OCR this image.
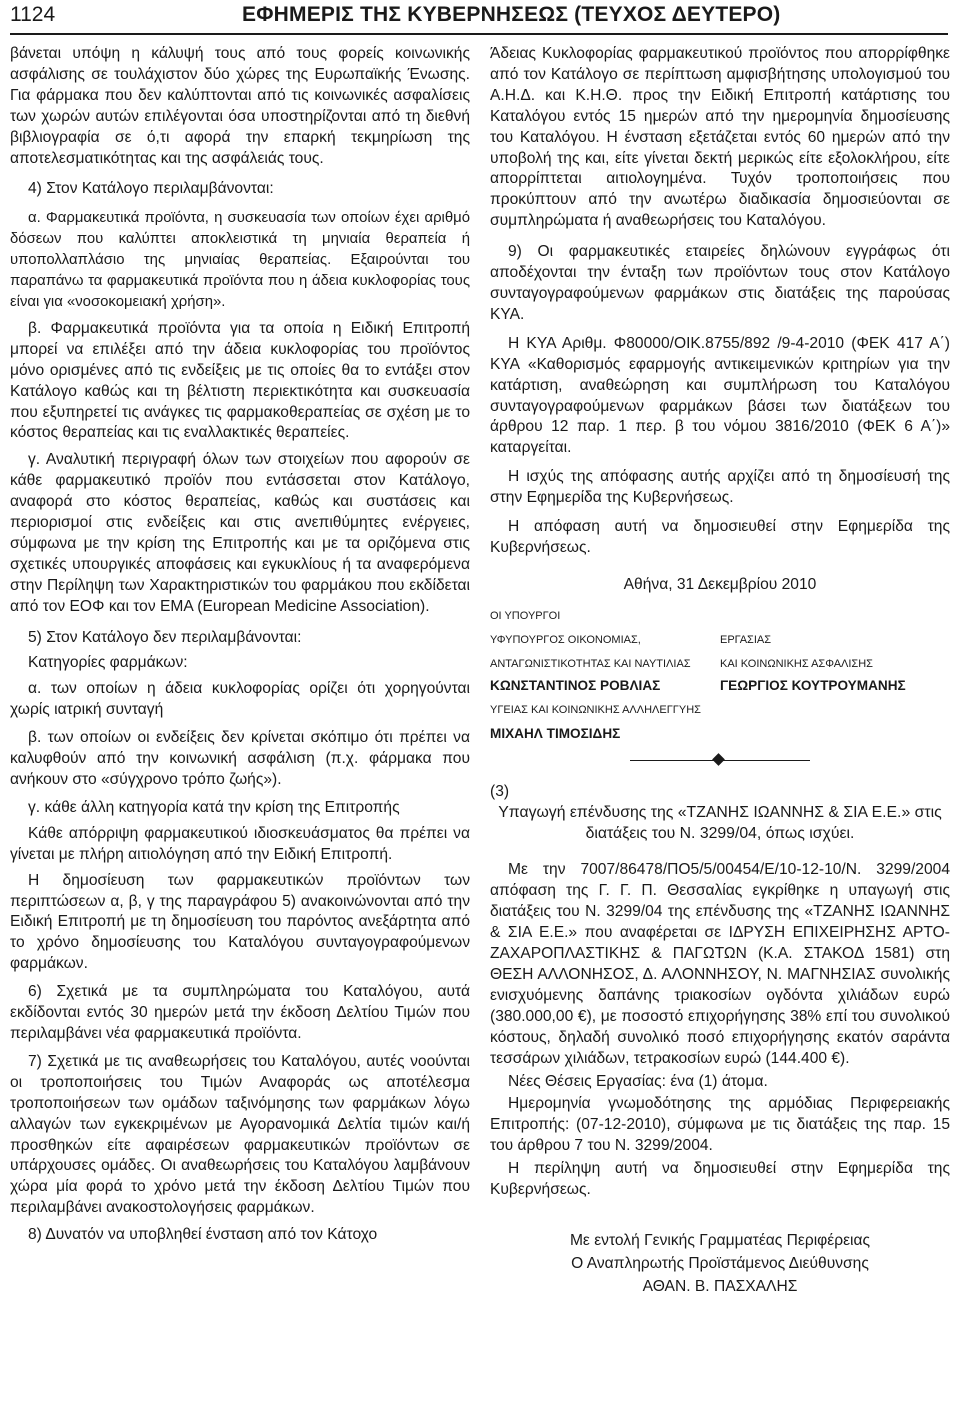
1124	ΕΦΗΜΕΡΙΣ ΤΗΣ ΚΥΒΕΡΝΗΣΕΩΣ (ΤΕΥΧΟΣ ΔΕΥΤΕΡΟ)

βάνεται υπόψη η κάλυψή τους από τους φορείς κοινωνικής ασφάλισης σε τουλάχιστον δύο χώρες της Ευρωπαϊκής Ένωσης. Για φάρμακα που δεν καλύπτονται από τις κοινωνικές ασφαλίσεις των χωρών αυτών επιλέγονται όσα υποστηρίζονται από τη διεθνή βιβλιογραφία σε ό,τι αφορά την επαρκή τεκμηρίωση της αποτελεσματικότητας και της ασφάλειάς τους.

4) Στον Κατάλογο περιλαμβάνονται:

α. Φαρμακευτικά προϊόντα, η συσκευασία των οποίων έχει αριθμό δόσεων που καλύπτει αποκλειστικά τη μηνιαία θεραπεία ή υποπολλαπλάσιο της μηνιαίας θεραπείας. Εξαιρούνται του παραπάνω τα φαρμακευτικά προϊόντα που η άδεια κυκλοφορίας τους είναι για «νοσοκομειακή χρήση».

β. Φαρμακευτικά προϊόντα για τα οποία η Ειδική Επιτροπή μπορεί να επιλέξει από την άδεια κυκλοφορίας του προϊόντος μόνο ορισμένες από τις ενδείξεις με τις οποίες θα το εντάξει στον Κατάλογο καθώς και τη βέλτιστη περιεκτικότητα και συσκευασία που εξυπηρετεί τις ανάγκες τις φαρμακοθεραπείας σε σχέση με το κόστος θεραπείας και τις εναλλακτικές θεραπείες.

γ. Αναλυτική περιγραφή όλων των στοιχείων που αφορούν σε κάθε φαρμακευτικό προϊόν που εντάσσεται στον Κατάλογο, αναφορά στο κόστος θεραπείας, καθώς και συστάσεις και περιορισμοί στις ενδείξεις και στις ανεπιθύμητες ενέργειες, σύμφωνα με την κρίση της Επιτροπής και με τα οριζόμενα στις σχετικές υπουργικές αποφάσεις και εγκυκλίους ή τα αναφερόμενα στην Περίληψη των Χαρακτηριστικών του φαρμάκου που εκδίδεται από τον ΕΟΦ και τον ΕΜΑ (European Medicine Association).

5) Στον Κατάλογο δεν περιλαμβάνονται:

Κατηγορίες φαρμάκων:

α. των οποίων η άδεια κυκλοφορίας ορίζει ότι χορηγούνται χωρίς ιατρική συνταγή

β. των οποίων οι ενδείξεις δεν κρίνεται σκόπιμο ότι πρέπει να καλυφθούν από την κοινωνική ασφάλιση (π.χ. φάρμακα που ανήκουν στο «σύγχρονο τρόπο ζωής»).

γ. κάθε άλλη κατηγορία κατά την κρίση της Επιτροπής

Κάθε απόρριψη φαρμακευτικού ιδιοσκευάσματος θα πρέπει να γίνεται με πλήρη αιτιολόγηση από την Ειδική Επιτροπή.

Η δημοσίευση των φαρμακευτικών προϊόντων των περιπτώσεων α, β, γ της παραγράφου 5) ανακοινώνονται από την Ειδική Επιτροπή με τη δημοσίευση του παρόντος ανεξάρτητα από το χρόνο δημοσίευσης του Καταλόγου συνταγογραφούμενων φαρμάκων.

6) Σχετικά με τα συμπληρώματα του Καταλόγου, αυτά εκδίδονται εντός 30 ημερών μετά την έκδοση Δελτίου Τιμών που περιλαμβάνει νέα φαρμακευτικά προϊόντα.

7) Σχετικά με τις αναθεωρήσεις του Καταλόγου, αυτές νοούνται οι τροποποιήσεις του Τιμών Αναφοράς ως αποτέλεσμα τροποποιήσεων των ομάδων ταξινόμησης των φαρμάκων λόγω αλλαγών των εγκεκριμένων με Αγορανομικά Δελτία τιμών και/ή προσθηκών είτε αφαιρέσεων φαρμακευτικών προϊόντων σε υπάρχουσες ομάδες. Οι αναθεωρήσεις του Καταλόγου λαμβάνουν χώρα μία φορά το χρόνο μετά την έκδοση Δελτίου Τιμών που περιλαμβάνει ανακοστολογήσεις φαρμάκων.

8) Δυνατόν να υποβληθεί ένσταση από τον Κάτοχο

Άδειας Κυκλοφορίας φαρμακευτικού προϊόντος που απορρίφθηκε από τον Κατάλογο σε περίπτωση αμφισβήτησης υπολογισμού του Α.Η.Δ. και Κ.Η.Θ. προς την Ειδική Επιτροπή κατάρτισης του Καταλόγου εντός 15 ημερών από την ημερομηνία δημοσίευσης του Καταλόγου. Η ένσταση εξετάζεται εντός 60 ημερών από την υποβολή της και, είτε γίνεται δεκτή μερικώς είτε εξολοκλήρου, είτε απορρίπτεται αιτιολογημένα. Τυχόν τροποποιήσεις που προκύπτουν από την ανωτέρω διαδικασία δημοσιεύονται σε συμπληρώματα ή αναθεωρήσεις του Καταλόγου.

9) Οι φαρμακευτικές εταιρείες δηλώνουν εγγράφως ότι αποδέχονται την ένταξη των προϊόντων τους στον Κατάλογο συνταγογραφούμενων φαρμάκων στις διατάξεις της παρούσας ΚΥΑ.

Η ΚΥΑ Αριθμ. Φ80000/ΟΙΚ.8755/892 /9-4-2010 (ΦΕΚ 417 Α΄) ΚΥΑ «Καθορισμός εφαρμογής αντικειμενικών κριτηρίων για την κατάρτιση, αναθεώρηση και συμπλήρωση του Καταλόγου συνταγογραφούμενων φαρμάκων βάσει των διατάξεων του άρθρου 12 παρ. 1 περ. β του νόμου 3816/2010 (ΦΕΚ 6 Α΄)» καταργείται.

Η ισχύς της απόφασης αυτής αρχίζει από τη δημοσίευσή της στην Εφημερίδα της Κυβερνήσεως.

Η απόφαση αυτή να δημοσιευθεί στην Εφημερίδα της Κυβερνήσεως.

Αθήνα, 31 Δεκεμβρίου 2010

ΟΙ ΥΠΟΥΡΓΟΙ

ΥΦΥΠΟΥΡΓΟΣ ΟΙΚΟΝΟΜΙΑΣ,

ΑΝΤΑΓΩΝΙΣΤΙΚΟΤΗΤΑΣ ΚΑΙ ΝΑΥΤΙΛΙΑΣ

ΚΩΝΣΤΑΝΤΙΝΟΣ ΡΟΒΛΙΑΣ

ΕΡΓΑΣΙΑΣ

ΚΑΙ ΚΟΙΝΩΝΙΚΗΣ ΑΣΦΑΛΙΣΗΣ

ΓΕΩΡΓΙΟΣ ΚΟΥΤΡΟΥΜΑΝΗΣ

ΥΓΕΙΑΣ ΚΑΙ ΚΟΙΝΩΝΙΚΗΣ ΑΛΛΗΛΕΓΓΥΗΣ

ΜΙΧΑΗΛ ΤΙΜΟΣΙΔΗΣ

(3)

Υπαγωγή επένδυσης της «ΤΖΑΝΗΣ ΙΩΑΝΝΗΣ & ΣΙΑ Ε.Ε.» στις διατάξεις του Ν. 3299/04, όπως ισχύει.

Με την 7007/86478/ΠΟ5/5/00454/Ε/10-12-10/Ν. 3299/2004 απόφαση της Γ. Γ. Π. Θεσσαλίας εγκρίθηκε η υπαγωγή στις διατάξεις του Ν. 3299/04 της επένδυσης της «ΤΖΑΝΗΣ ΙΩΑΝΝΗΣ & ΣΙΑ Ε.Ε.» που αναφέρεται σε ΙΔΡΥΣΗ ΕΠΙΧΕΙΡΗΣΗΣ ΑΡΤΟ-ΖΑΧΑΡΟΠΛΑΣΤΙΚΗΣ & ΠΑΓΩΤΩΝ (Κ.Α. ΣΤΑΚΟΔ 1581) στη ΘΕΣΗ ΑΛΛΟΝΗΣΟΣ, Δ. ΑΛΟΝΝΗΣΟΥ, Ν. ΜΑΓΝΗΣΙΑΣ συνολικής ενισχυόμενης δαπάνης τριακοσίων ογδόντα χιλιάδων ευρώ (380.000,00 €), με ποσοστό επιχορήγησης 38% επί του συνολικού κόστους, δηλαδή συνολικό ποσό επιχορήγησης εκατόν σαράντα τεσσάρων χιλιάδων, τετρακοσίων ευρώ (144.400 €).

Νέες Θέσεις Εργασίας: ένα (1) άτομα.

Ημερομηνία γνωμοδότησης της αρμόδιας Περιφερειακής Επιτροπής: (07-12-2010), σύμφωνα με τις διατάξεις της παρ. 15 του άρθρου 7 του Ν. 3299/2004.

Η περίληψη αυτή να δημοσιευθεί στην Εφημερίδα της Κυβερνήσεως.

Με εντολή Γενικής Γραμματέας Περιφέρειας

Ο Αναπληρωτής Προϊστάμενος Διεύθυνσης

ΑΘΑΝ. Β. ΠΑΣΧΑΛΗΣ
